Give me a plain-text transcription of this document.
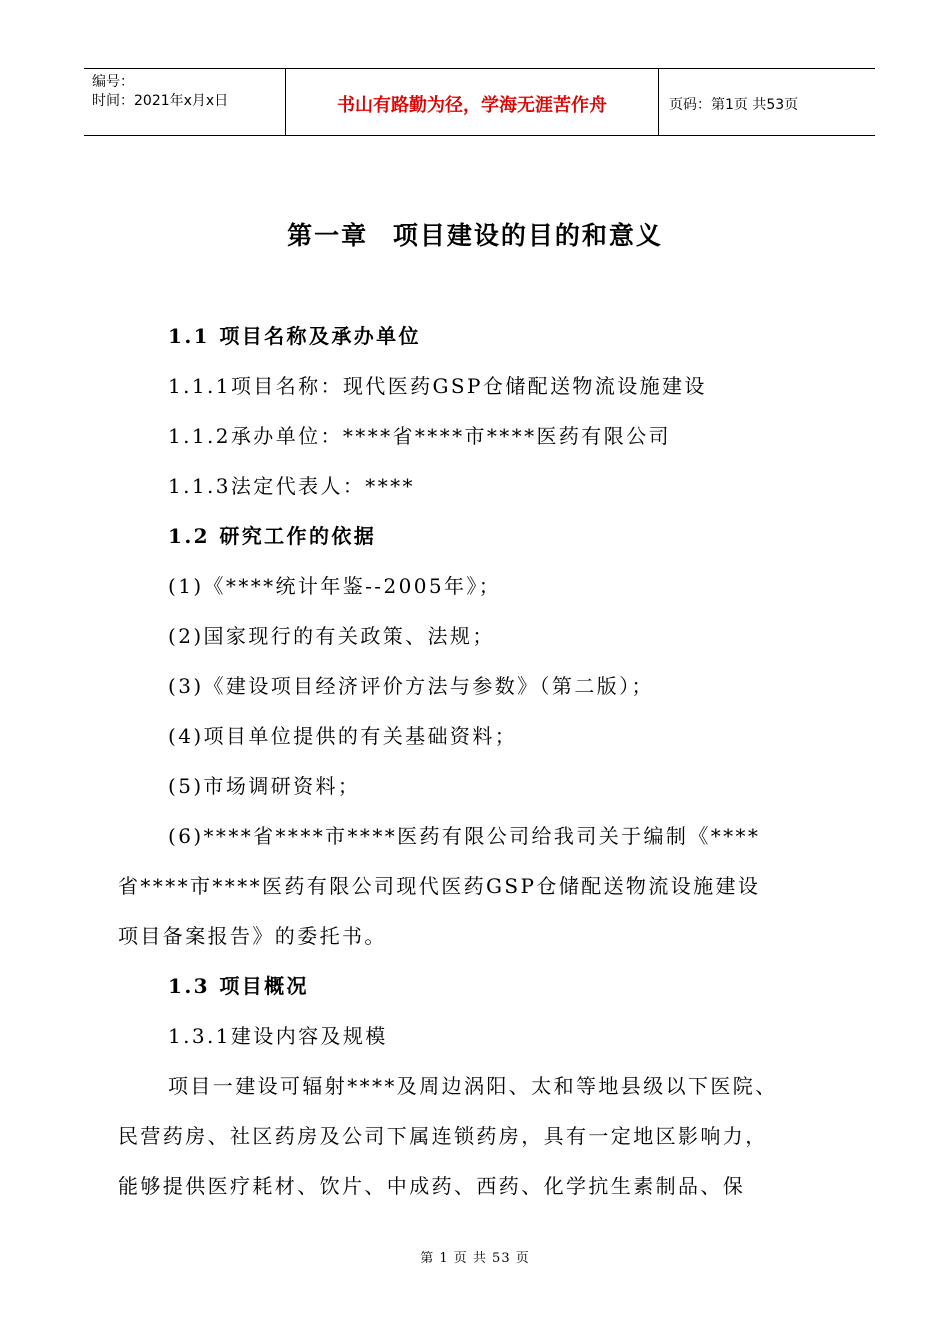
编号：
时间：2021年x月x日	书山有路勤为径，学海无涯苦作舟	页码：第1页 共53页
第一章 项目建设的目的和意义
1.1 项目名称及承办单位
1.1.1项目名称：现代医药GSP仓储配送物流设施建设
1.1.2承办单位：****省****市****医药有限公司
1.1.3法定代表人：****
1.2 研究工作的依据
(1)《****统计年鉴--2005年》；
(2)国家现行的有关政策、法规；
(3)《建设项目经济评价方法与参数》（第二版）；
(4)项目单位提供的有关基础资料；
(5)市场调研资料；
(6)****省****市****医药有限公司给我司关于编制《****
省****市****医药有限公司现代医药GSP仓储配送物流设施建设
项目备案报告》的委托书。
1.3 项目概况
1.3.1建设内容及规模
项目一建设可辐射****及周边涡阳、太和等地县级以下医院、
民营药房、社区药房及公司下属连锁药房，具有一定地区影响力，
能够提供医疗耗材、饮片、中成药、西药、化学抗生素制品、保
第 1 页 共 53 页
